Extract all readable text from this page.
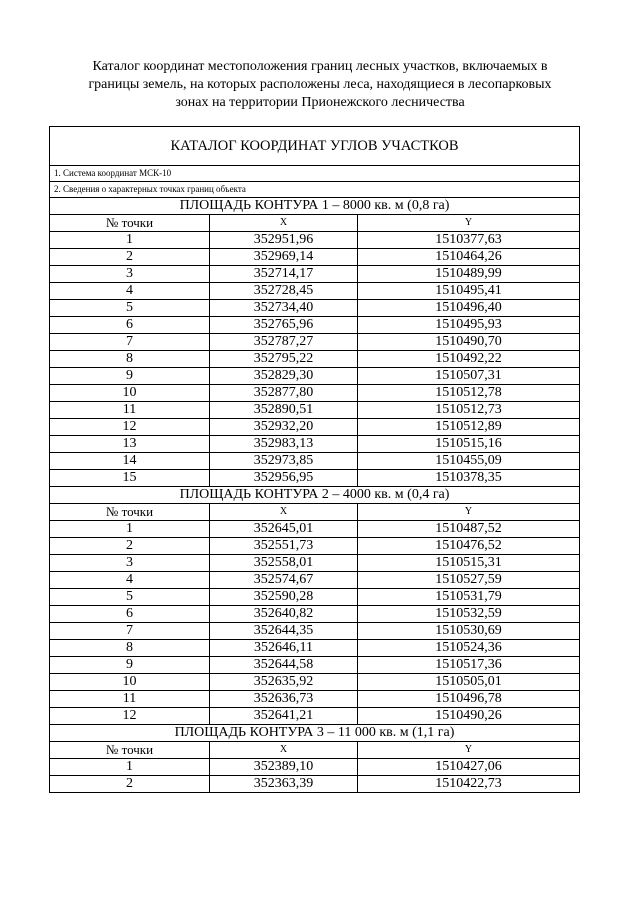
Каталог координат местоположения границ лесных участков, включаемых в
границы земель, на которых расположены леса, находящиеся в лесопарковых
зонах на территории Прионежского лесничества
КАТАЛОГ КООРДИНАТ УГЛОВ УЧАСТКОВ		
1. Система координат МСК-10		
2. Сведения о характерных точках границ объекта		
ПЛОЩАДЬ КОНТУРА 1 – 8000 кв. м (0,8 га)		
№ точки	X	Y
1	352951,96	1510377,63
2	352969,14	1510464,26
3	352714,17	1510489,99
4	352728,45	1510495,41
5	352734,40	1510496,40
6	352765,96	1510495,93
7	352787,27	1510490,70
8	352795,22	1510492,22
9	352829,30	1510507,31
10	352877,80	1510512,78
11	352890,51	1510512,73
12	352932,20	1510512,89
13	352983,13	1510515,16
14	352973,85	1510455,09
15	352956,95	1510378,35
ПЛОЩАДЬ КОНТУРА 2 – 4000 кв. м (0,4 га)		
№ точки	X	Y
1	352645,01	1510487,52
2	352551,73	1510476,52
3	352558,01	1510515,31
4	352574,67	1510527,59
5	352590,28	1510531,79
6	352640,82	1510532,59
7	352644,35	1510530,69
8	352646,11	1510524,36
9	352644,58	1510517,36
10	352635,92	1510505,01
11	352636,73	1510496,78
12	352641,21	1510490,26
ПЛОЩАДЬ КОНТУРА 3 – 11 000 кв. м (1,1 га)		
№ точки	X	Y
1	352389,10	1510427,06
2	352363,39	1510422,73
